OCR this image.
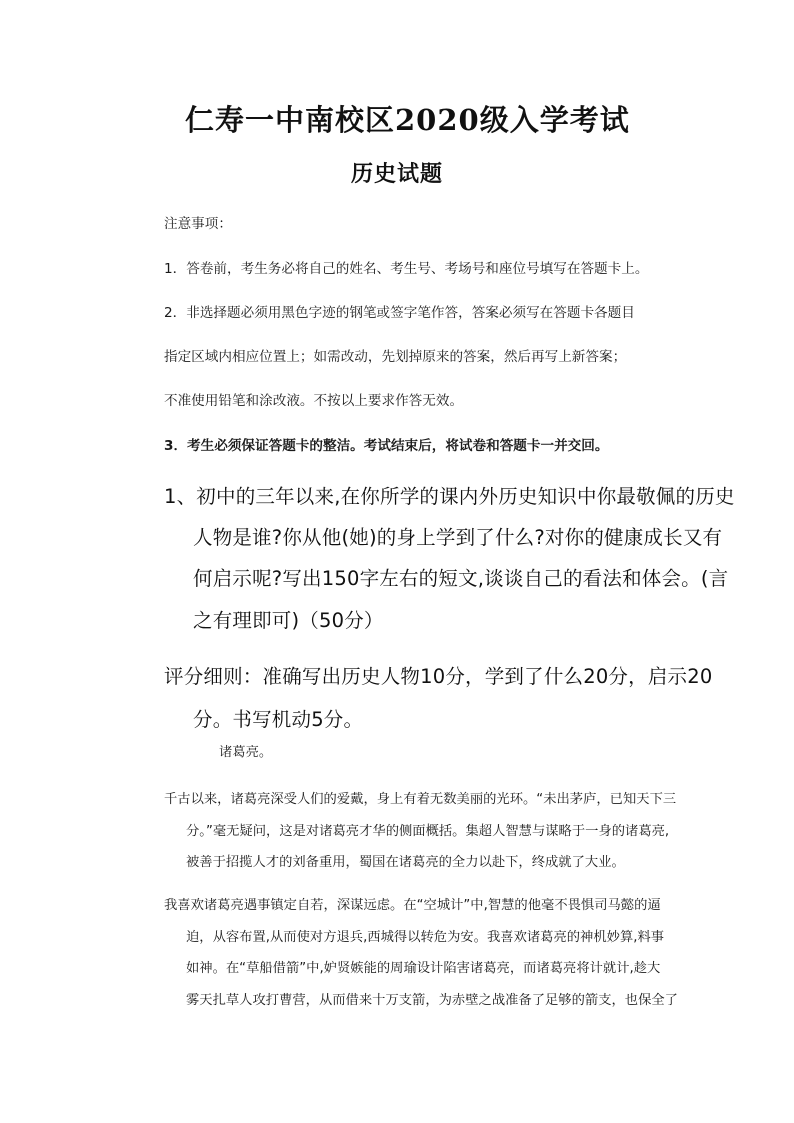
仁寿一中南校区2020级入学考试
历史试题
注意事项：
1．答卷前，考生务必将自己的姓名、考生号、考场号和座位号填写在答题卡上。
2．非选择题必须用黑色字迹的钢笔或签字笔作答，答案必须写在答题卡各题目
指定区域内相应位置上；如需改动，先划掉原来的答案，然后再写上新答案；
不准使用铅笔和涂改液。不按以上要求作答无效。
3．考生必须保证答题卡的整洁。考试结束后，将试卷和答题卡一并交回。
1、初中的三年以来,在你所学的课内外历史知识中你最敬佩的历史
人物是谁?你从他(她)的身上学到了什么?对你的健康成长又有
何启示呢?写出150字左右的短文,谈谈自己的看法和体会。(言
之有理即可)（50分）
评分细则：准确写出历史人物10分，学到了什么20分，启示20
分。书写机动5分。
诸葛亮。
千古以来，诸葛亮深受人们的爱戴，身上有着无数美丽的光环。“未出茅庐，已知天下三
分。”毫无疑问，这是对诸葛亮才华的侧面概括。集超人智慧与谋略于一身的诸葛亮,
被善于招揽人才的刘备重用，蜀国在诸葛亮的全力以赴下，终成就了大业。
我喜欢诸葛亮遇事镇定自若，深谋远虑。在“空城计”中,智慧的他毫不畏惧司马懿的逼
迫，从容布置,从而使对方退兵,西城得以转危为安。我喜欢诸葛亮的神机妙算,料事
如神。在“草船借箭”中,妒贤嫉能的周瑜设计陷害诸葛亮，而诸葛亮将计就计,趁大
雾天扎草人攻打曹营，从而借来十万支箭，为赤壁之战准备了足够的箭支，也保全了
